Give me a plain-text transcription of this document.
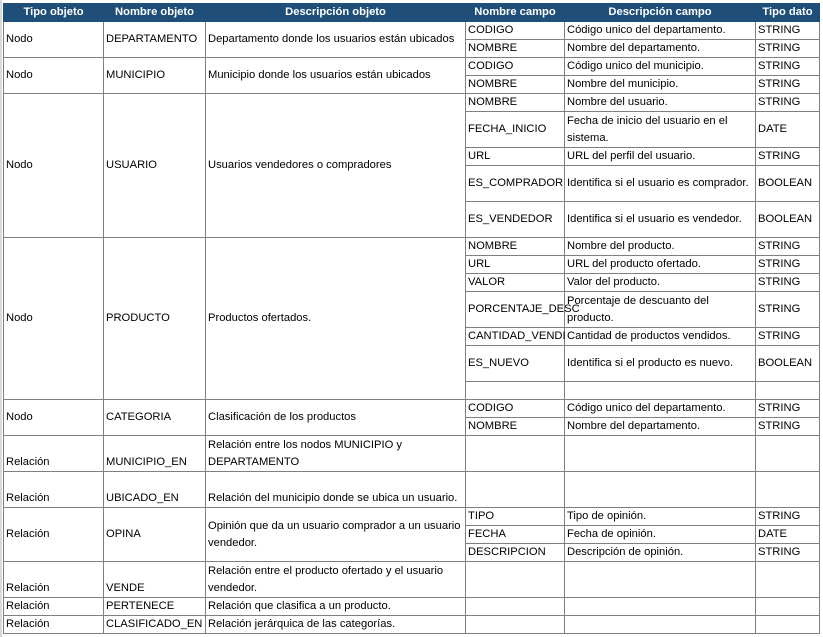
Tipo objeto	Nombre objeto	Descripción objeto	Nombre campo	Descripción campo	Tipo dato
Nodo	DEPARTAMENTO	Departamento donde los usuarios están ubicados	CODIGO	Código unico del departamento.	STRING
			NOMBRE	Nombre del departamento.	STRING
Nodo	MUNICIPIO	Municipio donde los usuarios están ubicados	CODIGO	Código unico del municipio.	STRING
			NOMBRE	Nombre del municipio.	STRING
Nodo	USUARIO	Usuarios vendedores o compradores	NOMBRE	Nombre del usuario.	STRING
			FECHA_INICIO	Fecha de inicio del usuario en el sistema.	DATE
			URL	URL del perfil del usuario.	STRING
			ES_COMPRADOR	Identifica si el usuario es comprador.	BOOLEAN
			ES_VENDEDOR	Identifica si el usuario es vendedor.	BOOLEAN
Nodo	PRODUCTO	Productos ofertados.	NOMBRE	Nombre del producto.	STRING
			URL	URL del producto ofertado.	STRING
			VALOR	Valor del producto.	STRING
			PORCENTAJE_DESC	Porcentaje de descuanto del producto.	STRING
			CANTIDAD_VENDI	Cantidad de productos vendidos.	STRING
			ES_NUEVO	Identifica si el producto es nuevo.	BOOLEAN

Nodo	CATEGORIA	Clasificación de los productos	CODIGO	Código unico del departamento.	STRING
			NOMBRE	Nombre del departamento.	STRING
Relación	MUNICIPIO_EN	Relación entre los nodos MUNICIPIO y DEPARTAMENTO			
Relación	UBICADO_EN	Relación del municipio donde se ubica un usuario.			
Relación	OPINA	Opinión que da un usuario comprador a un usuario vendedor.	TIPO	Tipo de opinión.	STRING
			FECHA	Fecha de opinión.	DATE
			DESCRIPCION	Descripción de opinión.	STRING
Relación	VENDE	Relación entre el producto ofertado y el usuario vendedor.			
Relación	PERTENECE	Relación que clasifica a un producto.			
Relación	CLASIFICADO_EN	Relación jerárquica de las categorías.			
